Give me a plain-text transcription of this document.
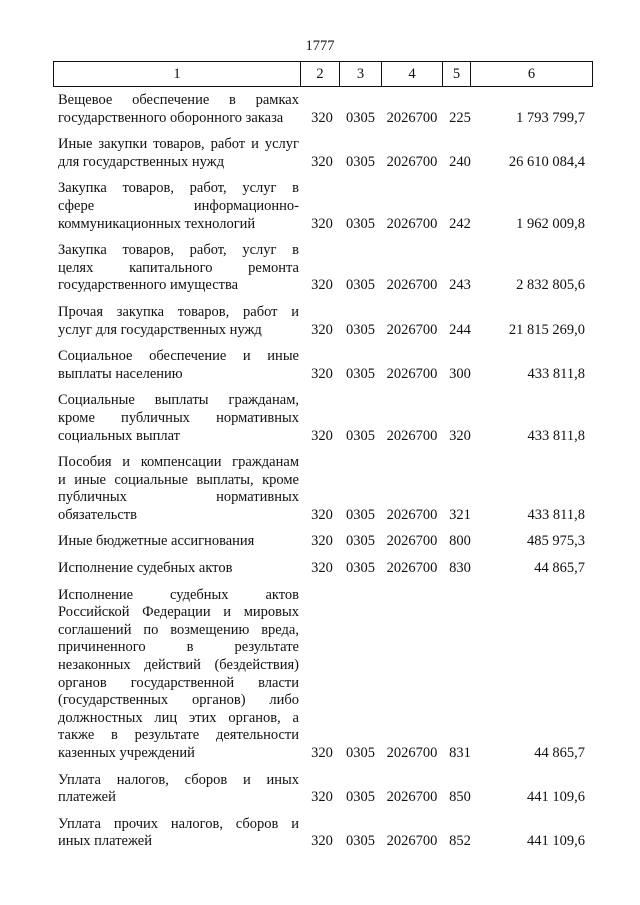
1777
1	2	3	4	5	6
Вещевое обеспечение в рамках
государственного оборонного заказа	320 0305 2026700 225	1 793 799,7
Иные закупки товаров, работ и услуг
для государственных нужд	320 0305 2026700 240	26 610 084,4
Закупка товаров, работ, услуг в
сфере информационно-
коммуникационных технологий	320 0305 2026700 242	1 962 009,8
Закупка товаров, работ, услуг в
целях капитального ремонта
государственного имущества	320 0305 2026700 243	2 832 805,6
Прочая закупка товаров, работ и
услуг для государственных нужд	320 0305 2026700 244	21 815 269,0
Социальное обеспечение и иные
выплаты населению	320 0305 2026700 300	433 811,8
Социальные выплаты гражданам,
кроме публичных нормативных
социальных выплат	320 0305 2026700 320	433 811,8
Пособия и компенсации гражданам
и иные социальные выплаты, кроме
публичных нормативных
обязательств	320 0305 2026700 321	433 811,8
Иные бюджетные ассигнования	320 0305 2026700 800	485 975,3
Исполнение судебных актов	320 0305 2026700 830	44 865,7
Исполнение судебных актов
Российской Федерации и мировых
соглашений по возмещению вреда,
причиненного в результате
незаконных действий (бездействия)
органов государственной власти
(государственных органов) либо
должностных лиц этих органов, а
также в результате деятельности
казенных учреждений	320 0305 2026700 831	44 865,7
Уплата налогов, сборов и иных
платежей	320 0305 2026700 850	441 109,6
Уплата прочих налогов, сборов и
иных платежей	320 0305 2026700 852	441 109,6
